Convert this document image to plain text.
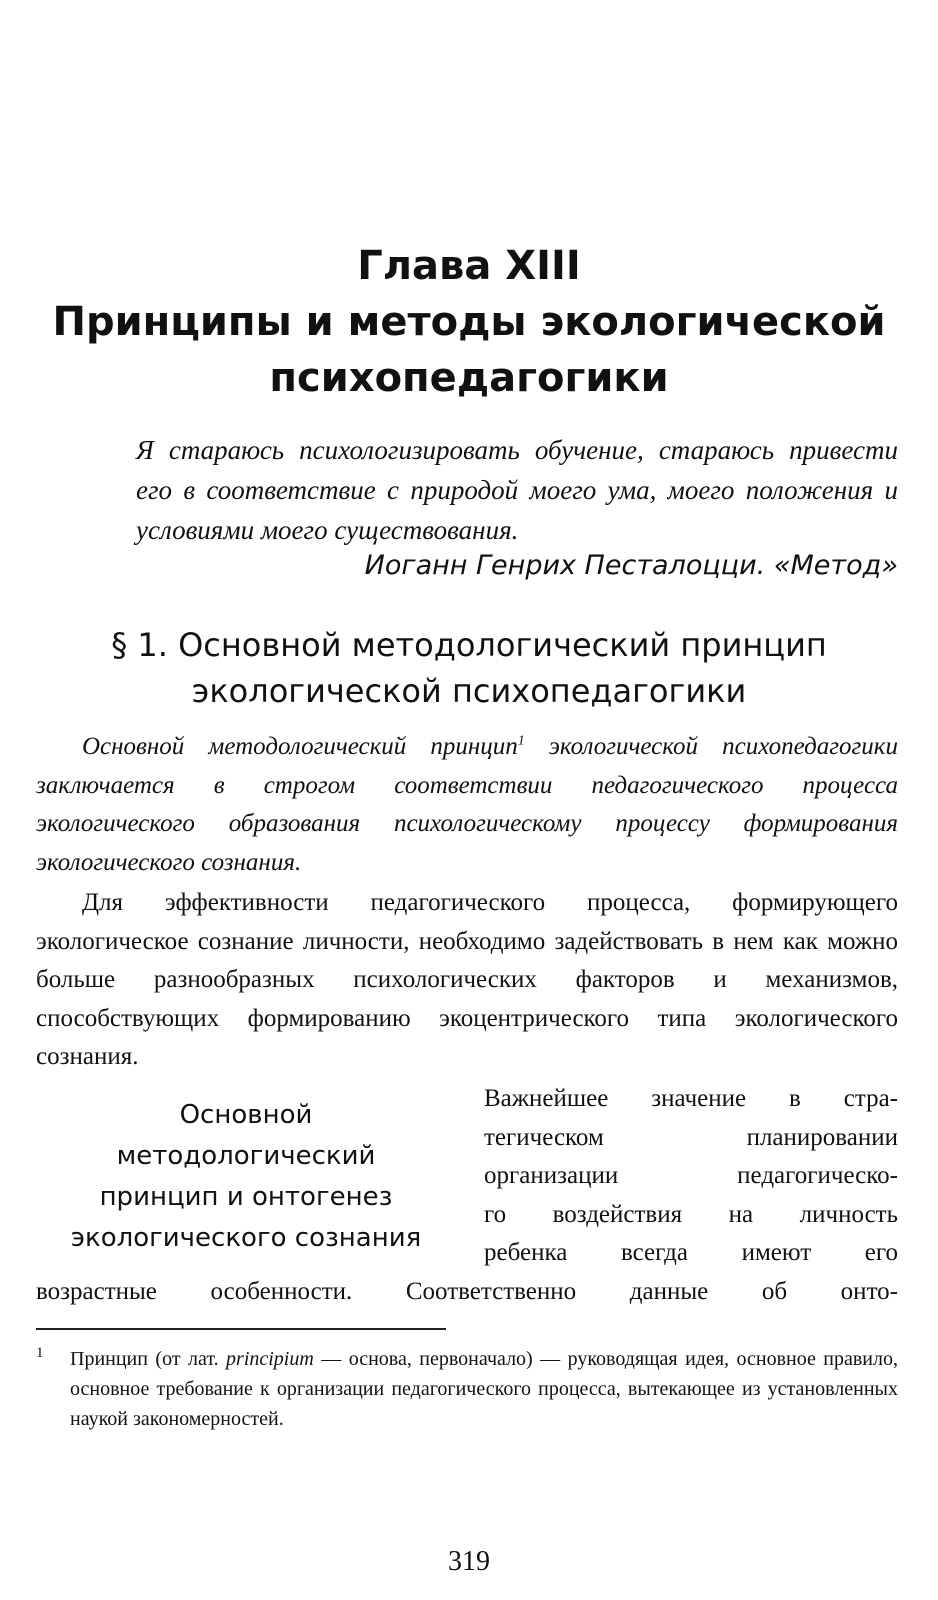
Глава XIII
Принципы и методы экологической
психопедагогики
Я стараюсь психологизировать обучение, стараюсь привести его в соответствие с природой моего ума, моего положения и условиями моего существования.
Иоганн Генрих Песталоцци. «Метод»
§ 1. Основной методологический принцип
экологической психопедагогики
Основной методологический принцип$^1$ экологической психопедагогики заключается в строгом соответствии педагогического процесса экологического образования психологическому процессу формирования экологического сознания.
Для эффективности педагогического процесса, формирующего экологическое сознание личности, необходимо задействовать в нем как можно больше разнообразных психологических факторов и механизмов, способствующих формированию экоцентрического типа экологического сознания.
Основной
методологический
принцип и онтогенез
экологического сознания
Важнейшее значение в стра-
тегическом планировании
организации педагогическо-
го воздействия на личность
ребенка всегда имеют его
возрастные особенности. Соответственно данные об онто-
1 Принцип (от лат. principium — основа, первоначало) — руководящая идея, основное правило, основное требование к организации педагогического процесса, вытекающее из установленных наукой закономерностей.
319
